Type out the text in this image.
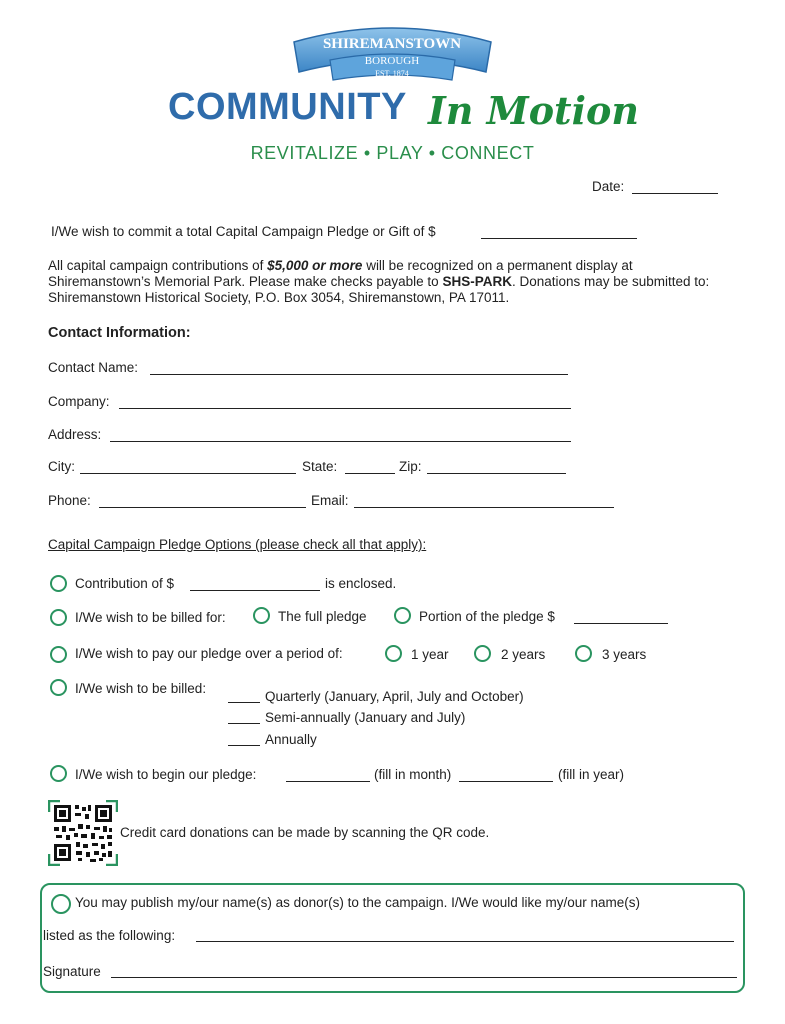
SHIREMANSTOWN
BOROUGH
EST. 1874
COMMUNITY In Motion
REVITALIZE • PLAY • CONNECT
Date:
I/We wish to commit a total Capital Campaign Pledge or Gift of $
All capital campaign contributions of $5,000 or more will be recognized on a permanent display at Shiremanstown’s Memorial Park. Please make checks payable to SHS-PARK. Donations may be submitted to: Shiremanstown Historical Society, P.O. Box 3054, Shiremanstown, PA 17011.
Contact Information:
Contact Name:
Company:
Address:
City:	State:	Zip:
Phone:	Email:
Capital Campaign Pledge Options (please check all that apply):
Contribution of $	is enclosed.
I/We wish to be billed for:	The full pledge	Portion of the pledge $
I/We wish to pay our pledge over a period of:	1 year	2 years	3 years
I/We wish to be billed:
Quarterly (January, April, July and October)
Semi-annually (January and July)
Annually
I/We wish to begin our pledge:	(fill in month)	(fill in year)
Credit card donations can be made by scanning the QR code.
You may publish my/our name(s) as donor(s) to the campaign. I/We would like my/our name(s)
listed as the following:
Signature
